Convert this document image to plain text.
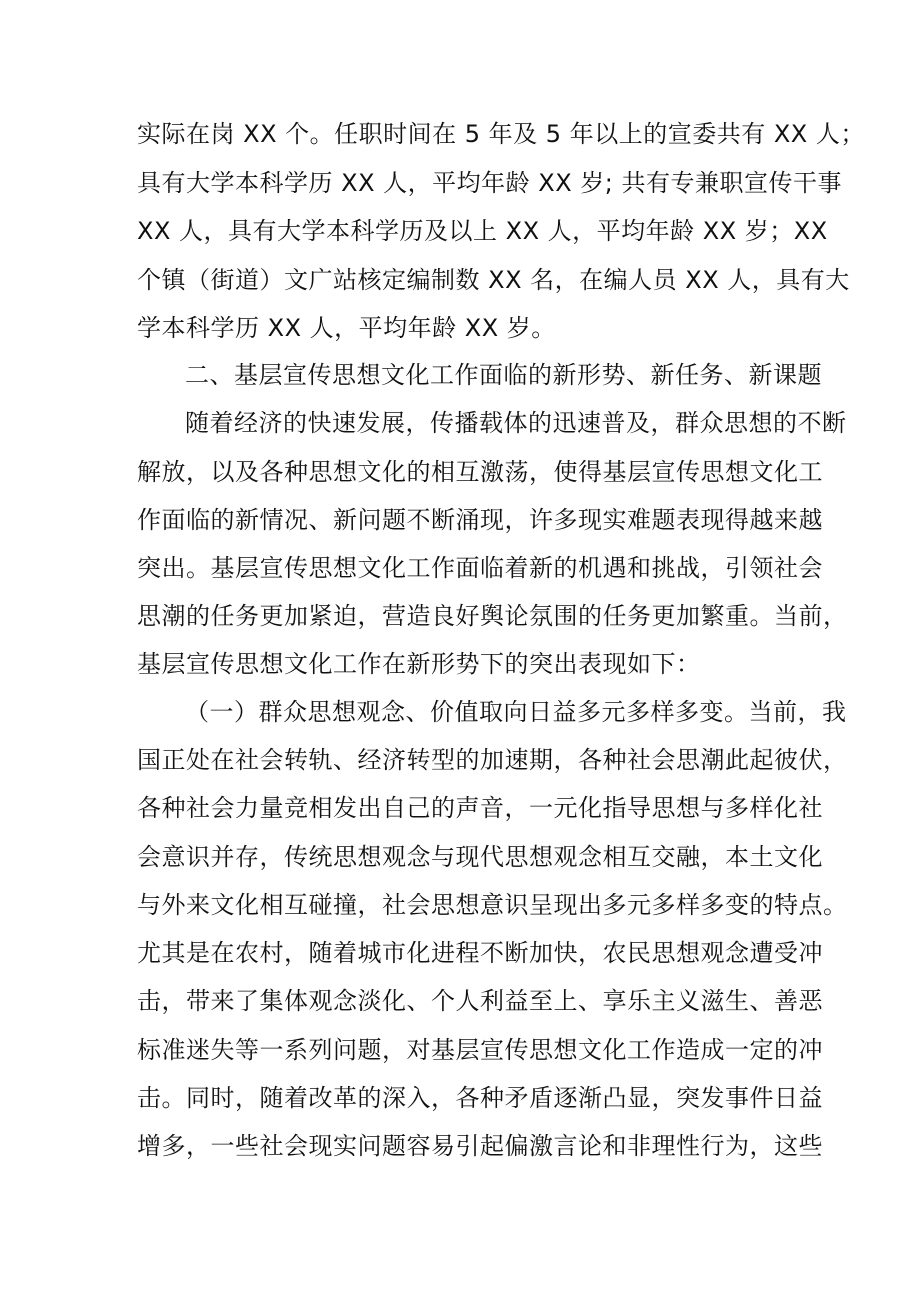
实际在岗 XX 个。任职时间在 5 年及 5 年以上的宣委共有 XX 人；
具有大学本科学历 XX 人，平均年龄 XX 岁; 共有专兼职宣传干事
XX 人，具有大学本科学历及以上 XX 人，平均年龄 XX 岁；XX
个镇（街道）文广站核定编制数 XX 名，在编人员 XX 人，具有大
学本科学历 XX 人，平均年龄 XX 岁。
二、基层宣传思想文化工作面临的新形势、新任务、新课题
随着经济的快速发展，传播载体的迅速普及，群众思想的不断
解放，以及各种思想文化的相互激荡，使得基层宣传思想文化工
作面临的新情况、新问题不断涌现，许多现实难题表现得越来越
突出。基层宣传思想文化工作面临着新的机遇和挑战，引领社会
思潮的任务更加紧迫，营造良好舆论氛围的任务更加繁重。当前，
基层宣传思想文化工作在新形势下的突出表现如下：
（一）群众思想观念、价值取向日益多元多样多变。当前，我
国正处在社会转轨、经济转型的加速期，各种社会思潮此起彼伏，
各种社会力量竞相发出自己的声音，一元化指导思想与多样化社
会意识并存，传统思想观念与现代思想观念相互交融，本土文化
与外来文化相互碰撞，社会思想意识呈现出多元多样多变的特点。
尤其是在农村，随着城市化进程不断加快，农民思想观念遭受冲
击，带来了集体观念淡化、个人利益至上、享乐主义滋生、善恶
标准迷失等一系列问题，对基层宣传思想文化工作造成一定的冲
击。同时，随着改革的深入，各种矛盾逐渐凸显，突发事件日益
增多，一些社会现实问题容易引起偏激言论和非理性行为，这些
